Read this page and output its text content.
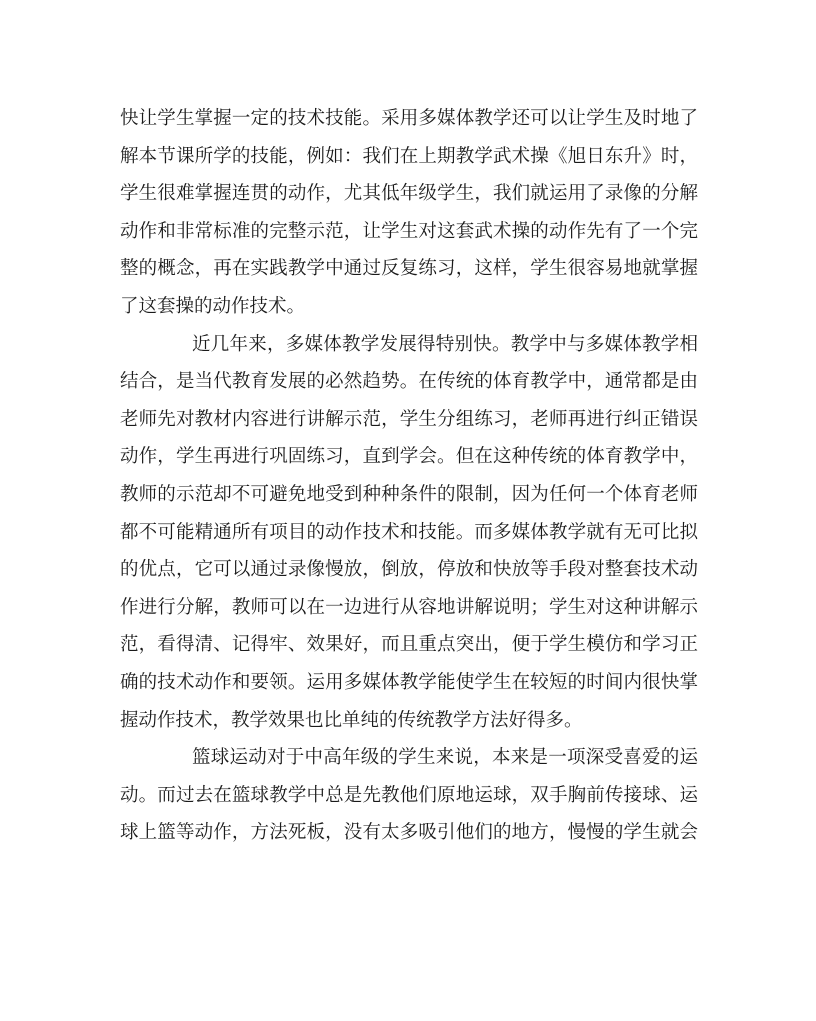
快让学生掌握一定的技术技能。采用多媒体教学还可以让学生及时地了
解本节课所学的技能，例如：我们在上期教学武术操《旭日东升》时，
学生很难掌握连贯的动作，尤其低年级学生，我们就运用了录像的分解
动作和非常标准的完整示范，让学生对这套武术操的动作先有了一个完
整的概念，再在实践教学中通过反复练习，这样，学生很容易地就掌握
了这套操的动作技术。
近几年来，多媒体教学发展得特别快。教学中与多媒体教学相
结合，是当代教育发展的必然趋势。在传统的体育教学中，通常都是由
老师先对教材内容进行讲解示范，学生分组练习，老师再进行纠正错误
动作，学生再进行巩固练习，直到学会。但在这种传统的体育教学中，
教师的示范却不可避免地受到种种条件的限制，因为任何一个体育老师
都不可能精通所有项目的动作技术和技能。而多媒体教学就有无可比拟
的优点，它可以通过录像慢放，倒放，停放和快放等手段对整套技术动
作进行分解，教师可以在一边进行从容地讲解说明；学生对这种讲解示
范，看得清、记得牢、效果好，而且重点突出，便于学生模仿和学习正
确的技术动作和要领。运用多媒体教学能使学生在较短的时间内很快掌
握动作技术，教学效果也比单纯的传统教学方法好得多。
篮球运动对于中高年级的学生来说，本来是一项深受喜爱的运
动。而过去在篮球教学中总是先教他们原地运球，双手胸前传接球、运
球上篮等动作，方法死板，没有太多吸引他们的地方，慢慢的学生就会
